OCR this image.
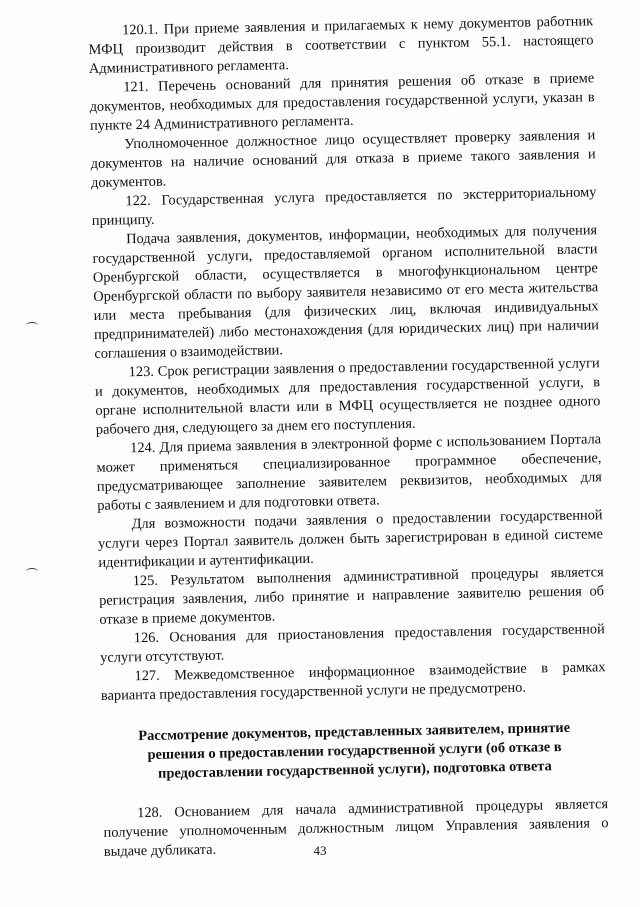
120.1. При приеме заявления и прилагаемых к нему документов работник МФЦ производит действия в соответствии с пунктом 55.1. настоящего Административного регламента.

121. Перечень оснований для принятия решения об отказе в приеме документов, необходимых для предоставления государственной услуги, указан в пункте 24 Административного регламента.

Уполномоченное должностное лицо осуществляет проверку заявления и документов на наличие оснований для отказа в приеме такого заявления и документов.

122. Государственная услуга предоставляется по экстерриториальному принципу.

Подача заявления, документов, информации, необходимых для получения государственной услуги, предоставляемой органом исполнительной власти Оренбургской области, осуществляется в многофункциональном центре Оренбургской области по выбору заявителя независимо от его места жительства или места пребывания (для физических лиц, включая индивидуальных предпринимателей) либо местонахождения (для юридических лиц) при наличии соглашения о взаимодействии.

123. Срок регистрации заявления о предоставлении государственной услуги и документов, необходимых для предоставления государственной услуги, в органе исполнительной власти или в МФЦ осуществляется не позднее одного рабочего дня, следующего за днем его поступления.

124. Для приема заявления в электронной форме с использованием Портала может применяться специализированное программное обеспечение, предусматривающее заполнение заявителем реквизитов, необходимых для работы с заявлением и для подготовки ответа.

Для возможности подачи заявления о предоставлении государственной услуги через Портал заявитель должен быть зарегистрирован в единой системе идентификации и аутентификации.

125. Результатом выполнения административной процедуры является регистрация заявления, либо принятие и направление заявителю решения об отказе в приеме документов.

126. Основания для приостановления предоставления государственной услуги отсутствуют.

127. Межведомственное информационное взаимодействие в рамках варианта предоставления государственной услуги не предусмотрено.

Рассмотрение документов, представленных заявителем, принятие решения о предоставлении государственной услуги (об отказе в предоставлении государственной услуги), подготовка ответа

128. Основанием для начала административной процедуры является получение уполномоченным должностным лицом Управления заявления о выдаче дубликата.	43
